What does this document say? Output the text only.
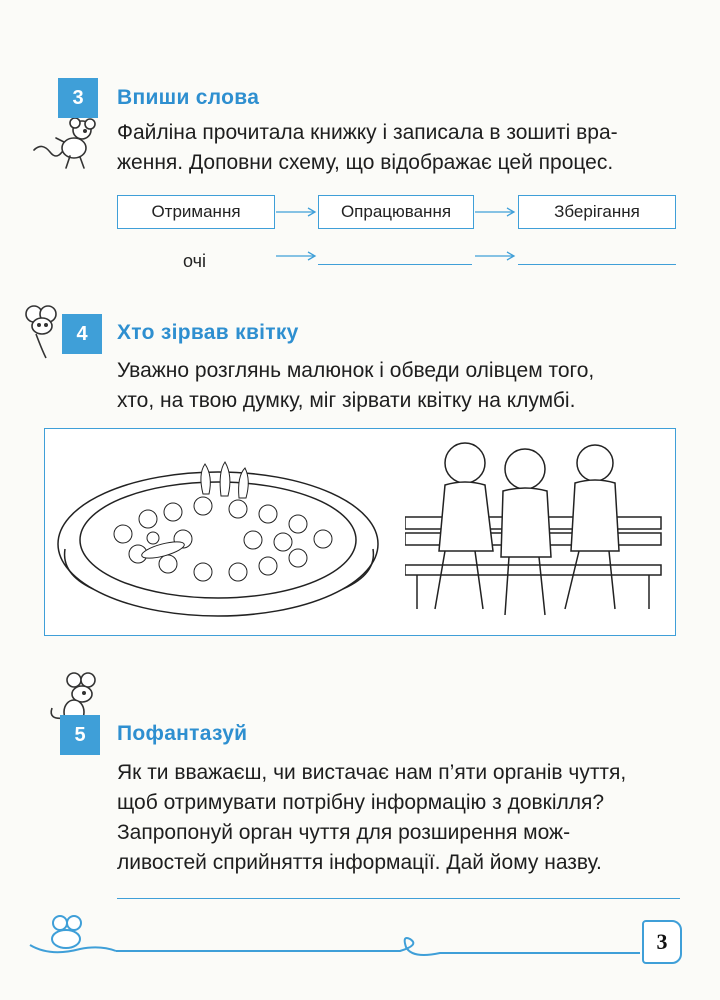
3	Впиши слова
Файліна прочитала книжку і записала в зошиті вра-
ження. Доповни схему, що відображає цей процес.
Отримання	Опрацювання	Зберігання
очі
4	Хто зірвав квітку
Уважно розглянь малюнок і обведи олівцем того,
хто, на твою думку, міг зірвати квітку на клумбі.
5	Пофантазуй
Як ти вважаєш, чи вистачає нам п’яти органів чуття,
щоб отримувати потрібну інформацію з довкілля?
Запропонуй орган чуття для розширення мож-
ливостей сприйняття інформації. Дай йому назву.
3
